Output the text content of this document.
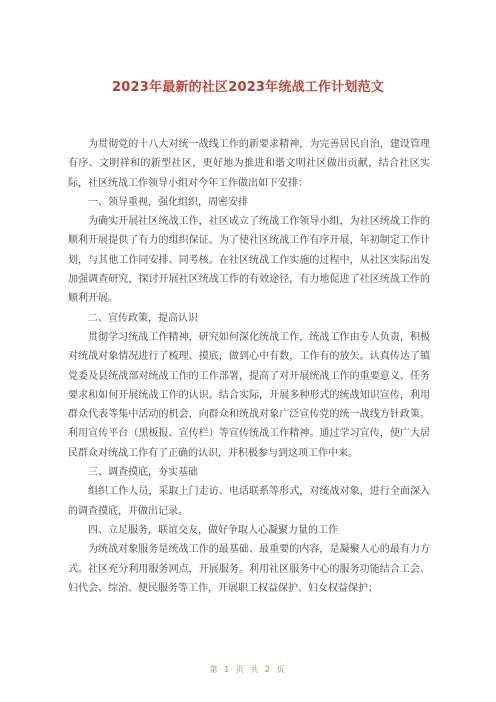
2023年最新的社区2023年统战工作计划范文

为贯彻党的十八大对统一战线工作的新要求精神，为完善居民自治，建设管理有序、文明祥和的新型社区，更好地为推进和谐文明社区做出贡献，结合社区实际，社区统战工作领导小组对今年工作做出如下安排：

一、领导重视，强化组织，周密安排

为确实开展社区统战工作，社区成立了统战工作领导小组，为社区统战工作的顺利开展提供了有力的组织保证。为了使社区统战工作有序开展，年初制定工作计划，与其他工作同安排、同考核。在社区统战工作实施的过程中，从社区实际出发加强调查研究，探讨开展社区统战工作的有效途径，有力地促进了社区统战工作的顺利开展。

二、宣传政策，提高认识

贯彻学习统战工作精神，研究如何深化统战工作，统战工作由专人负责，积极对统战对象情况进行了梳理、摸底，做到心中有数，工作有的放矢。认真传达了镇党委及县统战部对统战工作的工作部署，提高了对开展统战工作的重要意义、任务要求和如何开展统战工作的认识。结合实际，开展多种形式的统战知识宣传，利用群众代表等集中活动的机会，向群众和统战对象广泛宣传党的统一战线方针政策。利用宣传平台（黑板报、宣传栏）等宣传统战工作精神。通过学习宣传，使广大居民群众对统战工作有了正确的认识，并积极参与到这项工作中来。

三、调查摸底，夯实基础

组织工作人员，采取上门走访、电话联系等形式，对统战对象，进行全面深入的调查摸底，并做出记录。

四、立足服务，联谊交友，做好争取人心凝聚力量的工作

为统战对象服务是统战工作的最基础、最重要的内容，是凝聚人心的最有力方式。社区充分利用服务网点，开展服务。利用社区服务中心的服务功能结合工会、妇代会、综治、便民服务等工作，开展职工权益保护、妇女权益保护；

第 1 页 共 2 页
